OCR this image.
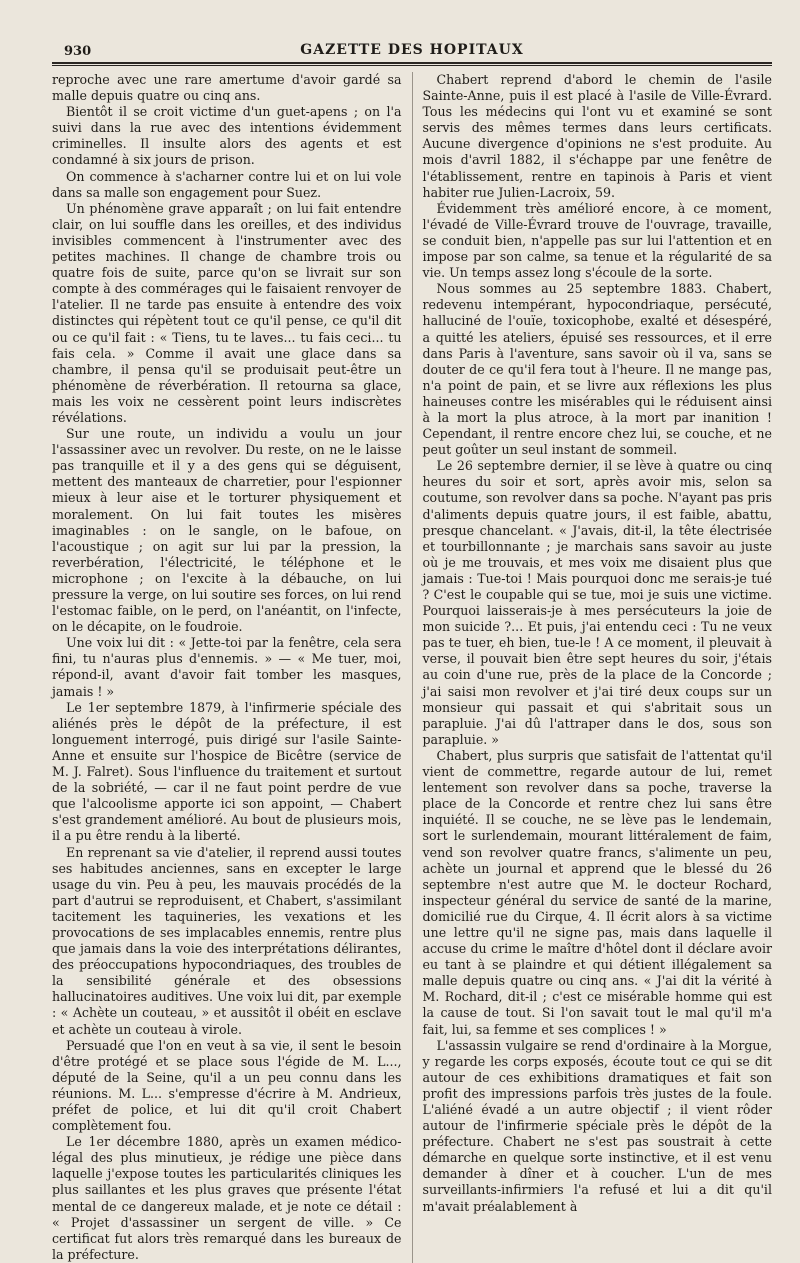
930	GAZETTE DES HOPITAUX

reproche avec une rare amertume d'avoir gardé sa malle depuis quatre ou cinq ans.

Bientôt il se croit victime d'un guet-apens ; on l'a suivi dans la rue avec des intentions évidemment criminelles. Il insulte alors des agents et est condamné à six jours de prison.

On commence à s'acharner contre lui et on lui vole dans sa malle son engagement pour Suez.

Un phénomène grave apparaît ; on lui fait entendre clair, on lui souffle dans les oreilles, et des individus invisibles commencent à l'instrumenter avec des petites machines. Il change de chambre trois ou quatre fois de suite, parce qu'on se livrait sur son compte à des commérages qui le faisaient renvoyer de l'atelier. Il ne tarde pas ensuite à entendre des voix distinctes qui répètent tout ce qu'il pense, ce qu'il dit ou ce qu'il fait : « Tiens, tu te laves... tu fais ceci... tu fais cela. » Comme il avait une glace dans sa chambre, il pensa qu'il se produisait peut-être un phénomène de réverbération. Il retourna sa glace, mais les voix ne cessèrent point leurs indiscrètes révélations.

Sur une route, un individu a voulu un jour l'assassiner avec un revolver. Du reste, on ne le laisse pas tranquille et il y a des gens qui se déguisent, mettent des manteaux de charretier, pour l'espionner mieux à leur aise et le torturer physiquement et moralement. On lui fait toutes les misères imaginables : on le sangle, on le bafoue, on l'acoustique ; on agit sur lui par la pression, la reverbération, l'électricité, le téléphone et le microphone ; on l'excite à la débauche, on lui pressure la verge, on lui soutire ses forces, on lui rend l'estomac faible, on le perd, on l'anéantit, on l'infecte, on le décapite, on le foudroie.

Une voix lui dit : « Jette-toi par la fenêtre, cela sera fini, tu n'auras plus d'ennemis. » — « Me tuer, moi, répond-il, avant d'avoir fait tomber les masques, jamais ! »

Le 1er septembre 1879, à l'infirmerie spéciale des aliénés près le dépôt de la préfecture, il est longuement interrogé, puis dirigé sur l'asile Sainte-Anne et ensuite sur l'hospice de Bicêtre (service de M. J. Falret). Sous l'influence du traitement et surtout de la sobriété, — car il ne faut point perdre de vue que l'alcoolisme apporte ici son appoint, — Chabert s'est grandement amélioré. Au bout de plusieurs mois, il a pu être rendu à la liberté.

En reprenant sa vie d'atelier, il reprend aussi toutes ses habitudes anciennes, sans en excepter le large usage du vin. Peu à peu, les mauvais procédés de la part d'autrui se reproduisent, et Chabert, s'assimilant tacitement les taquineries, les vexations et les provocations de ses implacables ennemis, rentre plus que jamais dans la voie des interprétations délirantes, des préoccupations hypocondriaques, des troubles de la sensibilité générale et des obsessions hallucinatoires auditives. Une voix lui dit, par exemple : « Achète un couteau, » et aussitôt il obéit en esclave et achète un couteau à virole.

Persuadé que l'on en veut à sa vie, il sent le besoin d'être protégé et se place sous l'égide de M. L..., député de la Seine, qu'il a un peu connu dans les réunions. M. L... s'empresse d'écrire à M. Andrieux, préfet de police, et lui dit qu'il croit Chabert complètement fou.

Le 1er décembre 1880, après un examen médico-légal des plus minutieux, je rédige une pièce dans laquelle j'expose toutes les particularités cliniques les plus saillantes et les plus graves que présente l'état mental de ce dangereux malade, et je note ce détail : « Projet d'assassiner un sergent de ville. » Ce certificat fut alors très remarqué dans les bureaux de la préfecture.

Chabert reprend d'abord le chemin de l'asile Sainte-Anne, puis il est placé à l'asile de Ville-Évrard. Tous les médecins qui l'ont vu et examiné se sont servis des mêmes termes dans leurs certificats. Aucune divergence d'opinions ne s'est produite. Au mois d'avril 1882, il s'échappe par une fenêtre de l'établissement, rentre en tapinois à Paris et vient habiter rue Julien-Lacroix, 59.

Évidemment très amélioré encore, à ce moment, l'évadé de Ville-Évrard trouve de l'ouvrage, travaille, se conduit bien, n'appelle pas sur lui l'attention et en impose par son calme, sa tenue et la régularité de sa vie. Un temps assez long s'écoule de la sorte.

Nous sommes au 25 septembre 1883. Chabert, redevenu intempérant, hypocondriaque, persécuté, halluciné de l'ouïe, toxicophobe, exalté et désespéré, a quitté les ateliers, épuisé ses ressources, et il erre dans Paris à l'aventure, sans savoir où il va, sans se douter de ce qu'il fera tout à l'heure. Il ne mange pas, n'a point de pain, et se livre aux réflexions les plus haineuses contre les misérables qui le réduisent ainsi à la mort la plus atroce, à la mort par inanition ! Cependant, il rentre encore chez lui, se couche, et ne peut goûter un seul instant de sommeil.

Le 26 septembre dernier, il se lève à quatre ou cinq heures du soir et sort, après avoir mis, selon sa coutume, son revolver dans sa poche. N'ayant pas pris d'aliments depuis quatre jours, il est faible, abattu, presque chancelant. « J'avais, dit-il, la tête électrisée et tourbillonnante ; je marchais sans savoir au juste où je me trouvais, et mes voix me disaient plus que jamais : Tue-toi ! Mais pourquoi donc me serais-je tué ? C'est le coupable qui se tue, moi je suis une victime. Pourquoi laisserais-je à mes persécuteurs la joie de mon suicide ?... Et puis, j'ai entendu ceci : Tu ne veux pas te tuer, eh bien, tue-le ! A ce moment, il pleuvait à verse, il pouvait bien être sept heures du soir, j'étais au coin d'une rue, près de la place de la Concorde ; j'ai saisi mon revolver et j'ai tiré deux coups sur un monsieur qui passait et qui s'abritait sous un parapluie. J'ai dû l'attraper dans le dos, sous son parapluie. »

Chabert, plus surpris que satisfait de l'attentat qu'il vient de commettre, regarde autour de lui, remet lentement son revolver dans sa poche, traverse la place de la Concorde et rentre chez lui sans être inquiété. Il se couche, ne se lève pas le lendemain, sort le surlendemain, mourant littéralement de faim, vend son revolver quatre francs, s'alimente un peu, achète un journal et apprend que le blessé du 26 septembre n'est autre que M. le docteur Rochard, inspecteur général du service de santé de la marine, domicilié rue du Cirque, 4. Il écrit alors à sa victime une lettre qu'il ne signe pas, mais dans laquelle il accuse du crime le maître d'hôtel dont il déclare avoir eu tant à se plaindre et qui détient illégalement sa malle depuis quatre ou cinq ans. « J'ai dit la vérité à M. Rochard, dit-il ; c'est ce misérable homme qui est la cause de tout. Si l'on savait tout le mal qu'il m'a fait, lui, sa femme et ses complices ! »

L'assassin vulgaire se rend d'ordinaire à la Morgue, y regarde les corps exposés, écoute tout ce qui se dit autour de ces exhibitions dramatiques et fait son profit des impressions parfois très justes de la foule. L'aliéné évadé a un autre objectif ; il vient rôder autour de l'infirmerie spéciale près le dépôt de la préfecture. Chabert ne s'est pas soustrait à cette démarche en quelque sorte instinctive, et il est venu demander à dîner et à coucher. L'un de mes surveillants-infirmiers l'a refusé et lui a dit qu'il m'avait préalablement à
